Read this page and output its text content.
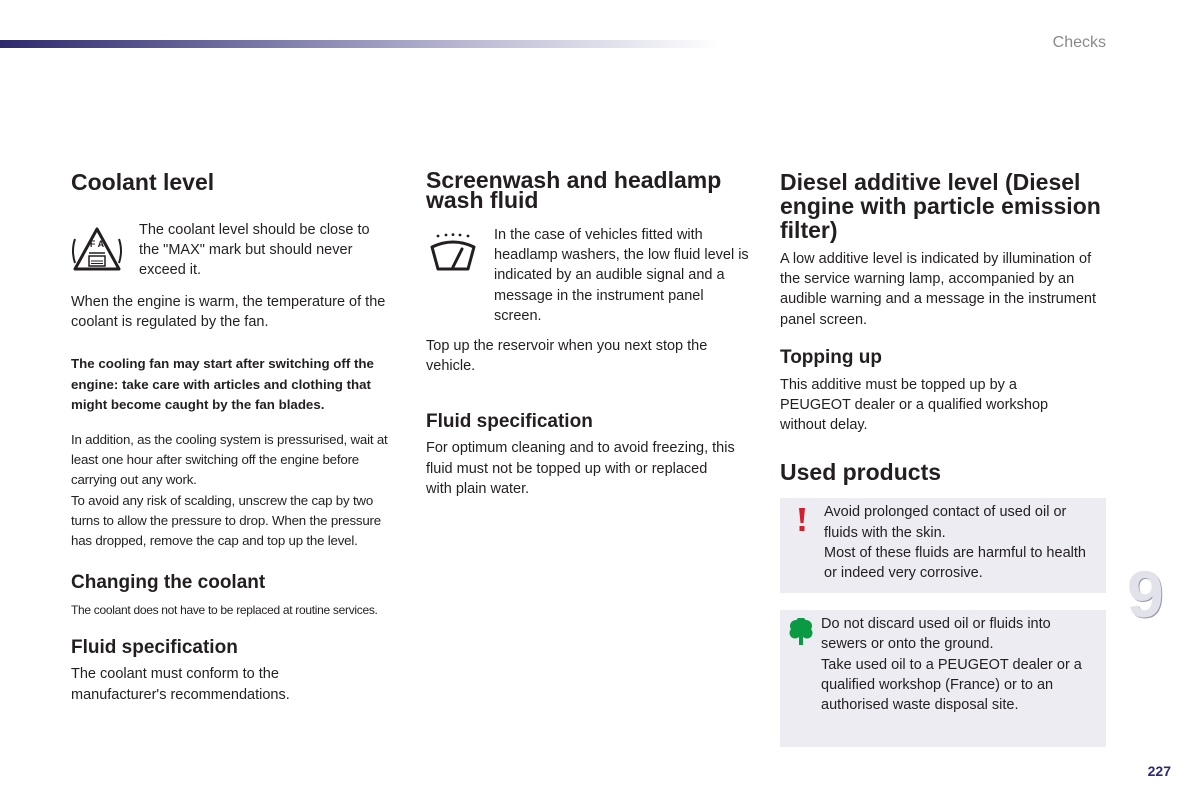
Checks
Coolant level
F A

The coolant level should be close to the "MAX" mark but should never exceed it.

When the engine is warm, the temperature of the coolant is regulated by the fan.

The cooling fan may start after switching off the engine: take care with articles and clothing that might become caught by the fan blades.

In addition, as the cooling system is pressurised, wait at least one hour after switching off the engine before carrying out any work.

To avoid any risk of scalding, unscrew the cap by two turns to allow the pressure to drop. When the pressure has dropped, remove the cap and top up the level.

Changing the coolant

The coolant does not have to be replaced at routine services.

Fluid specification

The coolant must conform to the manufacturer's recommendations.

Screenwash and headlamp wash fluid

In the case of vehicles fitted with headlamp washers, the low fluid level is indicated by an audible signal and a message in the instrument panel screen.

Top up the reservoir when you next stop the vehicle.

Fluid specification

For optimum cleaning and to avoid freezing, this fluid must not be topped up with or replaced with plain water.

Diesel additive level (Diesel engine with particle emission filter)

A low additive level is indicated by illumination of the service warning lamp, accompanied by an audible warning and a message in the instrument panel screen.

Topping up

This additive must be topped up by a PEUGEOT dealer or a qualified workshop without delay.

Used products

Avoid prolonged contact of used oil or fluids with the skin.

Most of these fluids are harmful to health or indeed very corrosive.

Do not discard used oil or fluids into sewers or onto the ground.

Take used oil to a PEUGEOT dealer or a qualified workshop (France) or to an authorised waste disposal site.

9
227
